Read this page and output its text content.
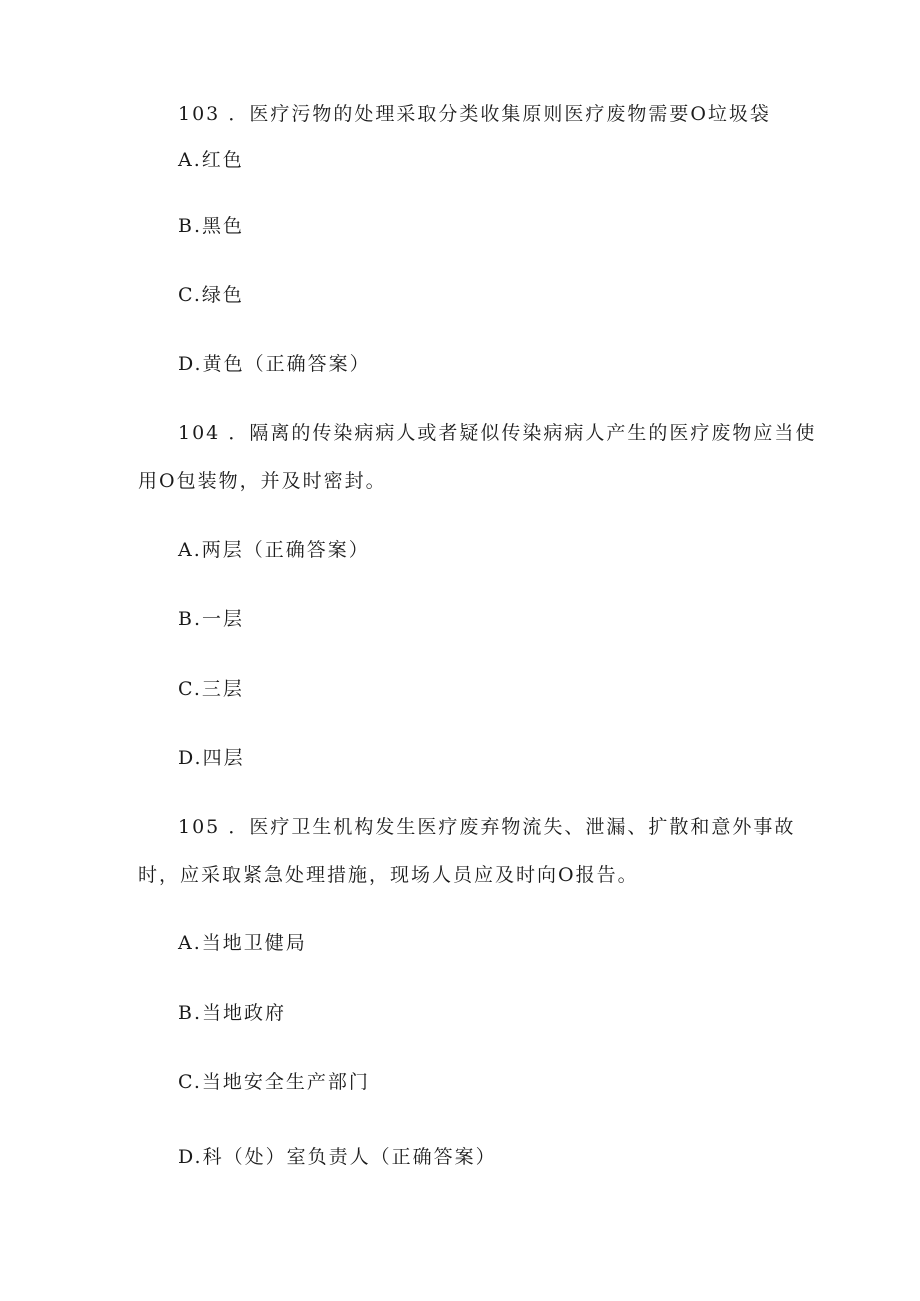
103 ．医疗污物的处理采取分类收集原则医疗废物需要O垃圾袋
A.红色
B.黑色
C.绿色
D.黄色（正确答案）
104 ．隔离的传染病病人或者疑似传染病病人产生的医疗废物应当使
用O包装物，并及时密封。
A.两层（正确答案）
B.一层
C.三层
D.四层
105 ．医疗卫生机构发生医疗废弃物流失、泄漏、扩散和意外事故
时，应采取紧急处理措施，现场人员应及时向O报告。
A.当地卫健局
B.当地政府
C.当地安全生产部门
D.科（处）室负责人（正确答案）
